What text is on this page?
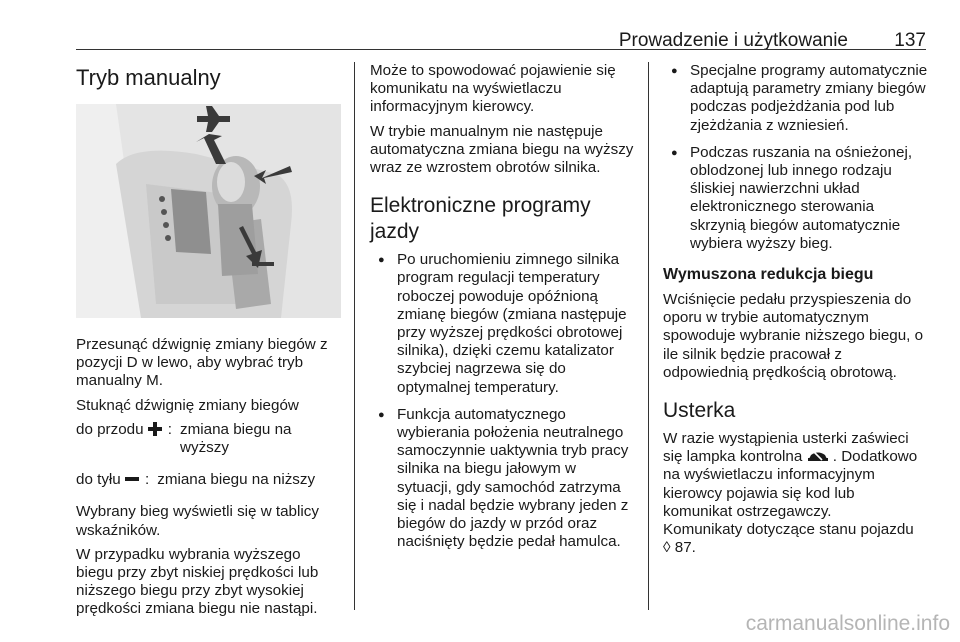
Prowadzenie i użytkowanie 137
Tryb manualny

Przesunąć dźwignię zmiany biegów z pozycji D w lewo, aby wybrać tryb manualny M.

Stuknąć dźwignię zmiany biegów

do przodu	: zmiana biegu na wyższy
do tyłu	: zmiana biegu na niższy

Wybrany bieg wyświetli się w tablicy wskaźników.

W przypadku wybrania wyższego biegu przy zbyt niskiej prędkości lub niższego biegu przy zbyt wysokiej prędkości zmiana biegu nie nastąpi.

Może to spowodować pojawienie się komunikatu na wyświetlaczu informacyjnym kierowcy.

W trybie manualnym nie następuje automatyczna zmiana biegu na wyższy wraz ze wzrostem obrotów silnika.

Elektroniczne programy jazdy
● Po uruchomieniu zimnego silnika program regulacji temperatury roboczej powoduje opóźnioną zmianę biegów (zmiana następuje przy wyższej prędkości obrotowej silnika), dzięki czemu katalizator szybciej nagrzewa się do optymalnej temperatury.
● Funkcja automatycznego wybierania położenia neutralnego samoczynnie uaktywnia tryb pracy silnika na biegu jałowym w sytuacji, gdy samochód zatrzyma się i nadal będzie wybrany jeden z biegów do jazdy w przód oraz naciśnięty będzie pedał hamulca.
● Specjalne programy automatycznie adaptują parametry zmiany biegów podczas podjeżdżania pod lub zjeżdżania z wzniesień.
● Podczas ruszania na ośnieżonej, oblodzonej lub innego rodzaju śliskiej nawierzchni układ elektronicznego sterowania skrzynią biegów automatycznie wybiera wyższy bieg.
Wymuszona redukcja biegu

Wciśnięcie pedału przyspieszenia do oporu w trybie automatycznym spowoduje wybranie niższego biegu, o ile silnik będzie pracował z odpowiednią prędkością obrotową.

Usterka

W razie wystąpienia usterki zaświeci się lampka kontrolna . Dodatkowo na wyświetlaczu informacyjnym kierowcy pojawia się kod lub komunikat ostrzegawczy.

Komunikaty dotyczące stanu pojazdu
◊ 87.

carmanualsonline.info
